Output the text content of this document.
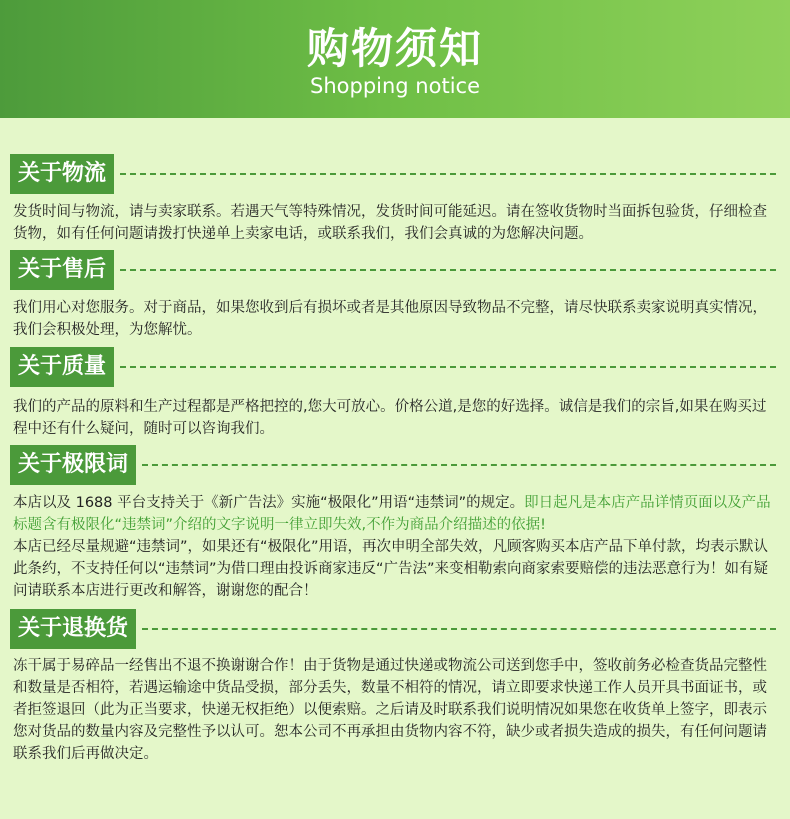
购物须知
Shopping notice
关于物流
发货时间与物流，请与卖家联系。若遇天气等特殊情况，发货时间可能延迟。请在签收货物时当面拆包验货，仔细检查货物，如有任何问题请拨打快递单上卖家电话，或联系我们，我们会真诚的为您解决问题。
关于售后
我们用心对您服务。对于商品，如果您收到后有损坏或者是其他原因导致物品不完整，请尽快联系卖家说明真实情况，我们会积极处理，为您解忧。
关于质量
我们的产品的原料和生产过程都是严格把控的,您大可放心。价格公道,是您的好选择。诚信是我们的宗旨,如果在购买过程中还有什么疑问，随时可以咨询我们。
关于极限词
本店以及 1688 平台支持关于《新广告法》实施“极限化”用语“违禁词”的规定。即日起凡是本店产品详情页面以及产品标题含有极限化“违禁词”介绍的文字说明一律立即失效,不作为商品介绍描述的依据!
本店已经尽量规避“违禁词”，如果还有“极限化”用语，再次申明全部失效，凡顾客购买本店产品下单付款，均表示默认此条约，不支持任何以“违禁词”为借口理由投诉商家违反“广告法”来变相勒索向商家索要赔偿的违法恶意行为！如有疑问请联系本店进行更改和解答，谢谢您的配合！
关于退换货
冻干属于易碎品一经售出不退不换谢谢合作！由于货物是通过快递或物流公司送到您手中，签收前务必检查货品完整性和数量是否相符，若遇运输途中货品受损，部分丢失，数量不相符的情况，请立即要求快递工作人员开具书面证书，或者拒签退回（此为正当要求，快递无权拒绝）以便索赔。之后请及时联系我们说明情况如果您在收货单上签字，即表示您对货品的数量内容及完整性予以认可。恕本公司不再承担由货物内容不符，缺少或者损失造成的损失，有任何问题请联系我们后再做决定。
